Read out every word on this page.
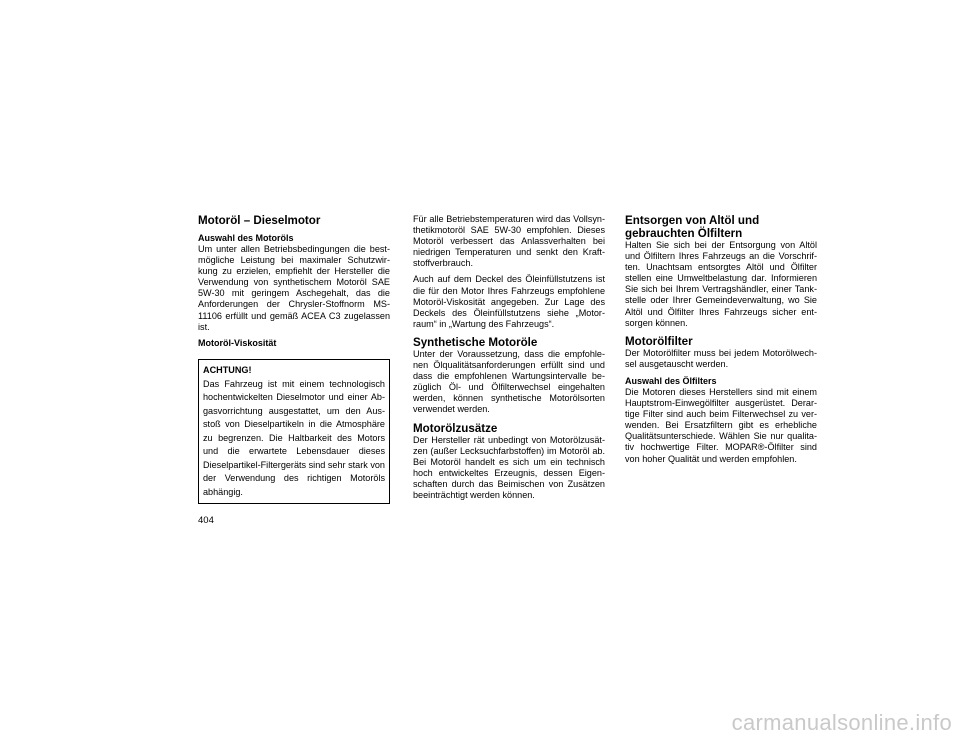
Motoröl – Dieselmotor
Auswahl des Motoröls
Um unter allen Betriebsbedingungen die bestmögliche Leistung bei maximaler Schutzwirkung zu erzielen, empfiehlt der Hersteller die Verwendung von synthetischem Motoröl SAE 5W-30 mit geringem Aschegehalt, das die Anforderungen der Chrysler-Stoffnorm MS-11106 erfüllt und gemäß ACEA C3 zugelassen ist.
Motoröl-Viskosität
ACHTUNG!
Das Fahrzeug ist mit einem technologisch hochentwickelten Dieselmotor und einer Abgasvorrichtung ausgestattet, um den Ausstoß von Dieselpartikeln in die Atmosphäre zu begrenzen. Die Haltbarkeit des Motors und die erwartete Lebensdauer dieses Dieselpartikel-Filtergeräts sind sehr stark von der Verwendung des richtigen Motoröls abhängig.
Für alle Betriebstemperaturen wird das Vollsynthetikmotoröl SAE 5W-30 empfohlen. Dieses Motoröl verbessert das Anlassverhalten bei niedrigen Temperaturen und senkt den Kraftstoffverbrauch.
Auch auf dem Deckel des Öleinfüllstutzens ist die für den Motor Ihres Fahrzeugs empfohlene Motoröl-Viskosität angegeben. Zur Lage des Deckels des Öleinfüllstutzens siehe „Motorraum“ in „Wartung des Fahrzeugs“.
Synthetische Motoröle
Unter der Voraussetzung, dass die empfohlenen Ölqualitätsanforderungen erfüllt sind und dass die empfohlenen Wartungsintervalle bezüglich Öl- und Ölfilterwechsel eingehalten werden, können synthetische Motorölsorten verwendet werden.
Motorölzusätze
Der Hersteller rät unbedingt von Motorölzusätzen (außer Lecksuchfarbstoffen) im Motoröl ab. Bei Motoröl handelt es sich um ein technisch hoch entwickeltes Erzeugnis, dessen Eigenschaften durch das Beimischen von Zusätzen beeinträchtigt werden können.
Entsorgen von Altöl und
gebrauchten Ölfiltern
Halten Sie sich bei der Entsorgung von Altöl und Ölfiltern Ihres Fahrzeugs an die Vorschriften. Unachtsam entsorgtes Altöl und Ölfilter stellen eine Umweltbelastung dar. Informieren Sie sich bei Ihrem Vertragshändler, einer Tankstelle oder Ihrer Gemeindeverwaltung, wo Sie Altöl und Ölfilter Ihres Fahrzeugs sicher entsorgen können.
Motorölfilter
Der Motorölfilter muss bei jedem Motorölwechsel ausgetauscht werden.
Auswahl des Ölfilters
Die Motoren dieses Herstellers sind mit einem Hauptstrom-Einwegölfilter ausgerüstet. Derartige Filter sind auch beim Filterwechsel zu verwenden. Bei Ersatzfiltern gibt es erhebliche Qualitätsunterschiede. Wählen Sie nur qualitativ hochwertige Filter. MOPAR®-Ölfilter sind von hoher Qualität und werden empfohlen.
404
carmanualsonline.info
